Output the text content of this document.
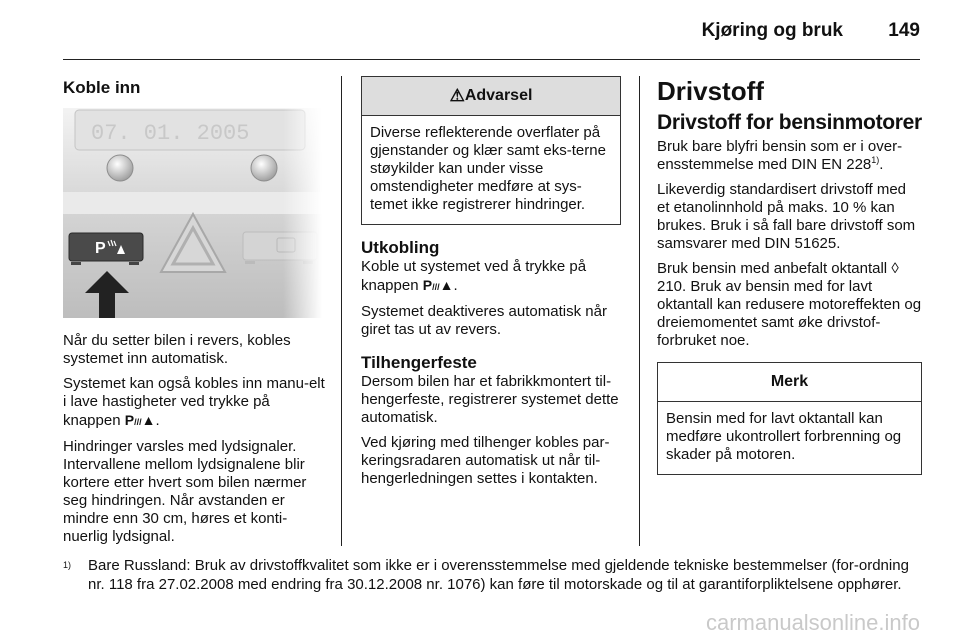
Kjøring og bruk 149
Koble inn

Når du setter bilen i revers, kobles systemet inn automatisk.

Systemet kan også kobles inn manu-elt i lave hastigheter ved trykke på knappen P///▲.

Hindringer varsles med lydsignaler. Intervallene mellom lydsignalene blir kortere etter hvert som bilen nærmer seg hindringen. Når avstanden er mindre enn 30 cm, høres et konti-nuerlig lydsignal.

⚠ Advarsel
Diverse reflekterende overflater på gjenstander og klær samt eks-terne støykilder kan under visse omstendigheter medføre at sys-temet ikke registrerer hindringer.
Utkobling

Koble ut systemet ved å trykke på knappen P///▲.

Systemet deaktiveres automatisk når giret tas ut av revers.

Tilhengerfeste

Dersom bilen har et fabrikkmontert til-hengerfeste, registrerer systemet dette automatisk.

Ved kjøring med tilhenger kobles par-keringsradaren automatisk ut når til-hengerledningen settes i kontakten.

Drivstoff
Drivstoff for bensinmotorer

Bruk bare blyfri bensin som er i over-ensstemmelse med DIN EN 228$^{1)}$.

Likeverdig standardisert drivstoff med et etanolinnhold på maks. 10 % kan brukes. Bruk i så fall bare drivstoff som samsvarer med DIN 51625.

Bruk bensin med anbefalt oktantall ◊ 210. Bruk av bensin med for lavt oktantall kan redusere motoreffekten og dreiemomentet samt øke drivstof-forbruket noe.

Merk
Bensin med for lavt oktantall kan medføre ukontrollert forbrenning og skader på motoren.
1) Bare Russland: Bruk av drivstoffkvalitet som ikke er i overensstemmelse med gjeldende tekniske bestemmelser (for-ordning nr. 118 fra 27.02.2008 med endring fra 30.12.2008 nr. 1076) kan føre til motorskade og til at garantiforpliktelsene opphører.
carmanualsonline.info
